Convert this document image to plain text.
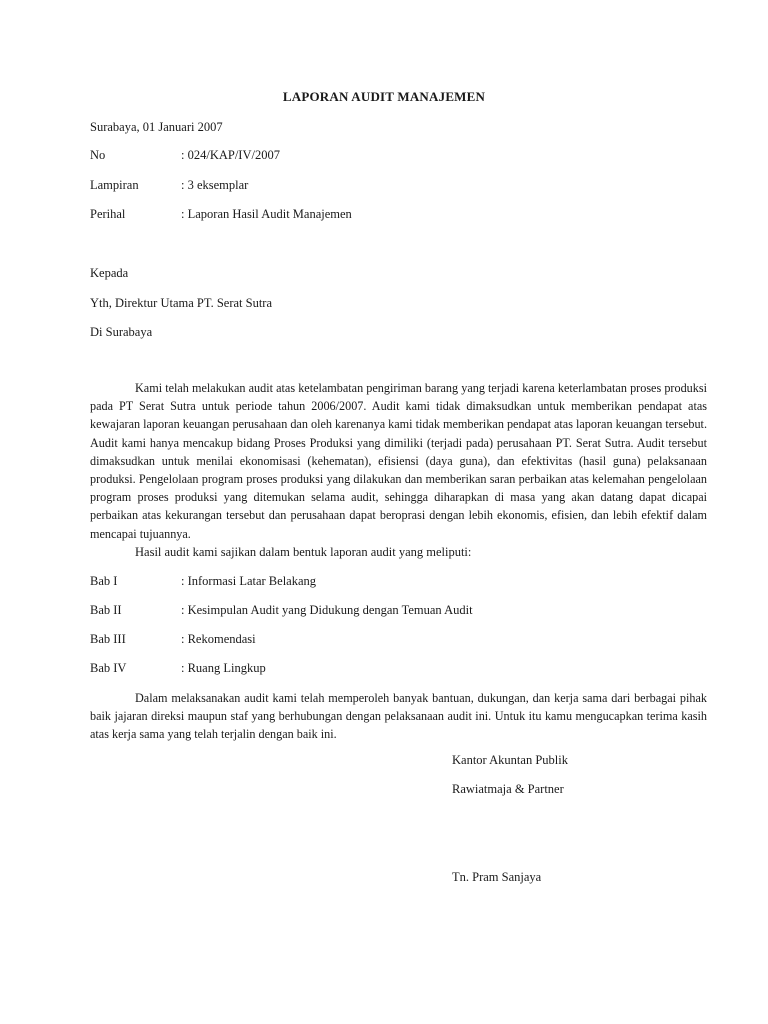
LAPORAN AUDIT MANAJEMEN
Surabaya, 01 Januari 2007
No	: 024/KAP/IV/2007
Lampiran	: 3 eksemplar
Perihal	: Laporan Hasil Audit Manajemen
Kepada
Yth, Direktur Utama PT. Serat Sutra
Di Surabaya
Kami telah melakukan audit atas ketelambatan pengiriman barang yang terjadi karena keterlambatan proses produksi pada PT Serat Sutra untuk periode tahun 2006/2007. Audit kami tidak dimaksudkan untuk memberikan pendapat atas kewajaran laporan keuangan perusahaan dan oleh karenanya kami tidak memberikan pendapat atas laporan keuangan tersebut. Audit kami hanya mencakup bidang Proses Produksi yang dimiliki (terjadi pada) perusahaan PT. Serat Sutra. Audit tersebut dimaksudkan untuk menilai ekonomisasi (kehematan), efisiensi (daya guna), dan efektivitas (hasil guna) pelaksanaan produksi. Pengelolaan program proses produksi yang dilakukan dan memberikan saran perbaikan atas kelemahan pengelolaan program proses produksi yang ditemukan selama audit, sehingga diharapkan di masa yang akan datang dapat dicapai perbaikan atas kekurangan tersebut dan perusahaan dapat beroprasi dengan lebih ekonomis, efisien, dan lebih efektif dalam mencapai tujuannya.
Hasil audit kami sajikan dalam bentuk laporan audit yang meliputi:
Bab I	: Informasi Latar Belakang
Bab II	: Kesimpulan Audit yang Didukung dengan Temuan Audit
Bab III	: Rekomendasi
Bab IV	: Ruang Lingkup
Dalam melaksanakan audit kami telah memperoleh banyak bantuan, dukungan, dan kerja sama dari berbagai pihak baik jajaran direksi maupun staf yang berhubungan dengan pelaksanaan audit ini. Untuk itu kamu mengucapkan terima kasih atas kerja sama yang telah terjalin dengan baik ini.
Kantor Akuntan Publik
Rawiatmaja & Partner
Tn. Pram Sanjaya
